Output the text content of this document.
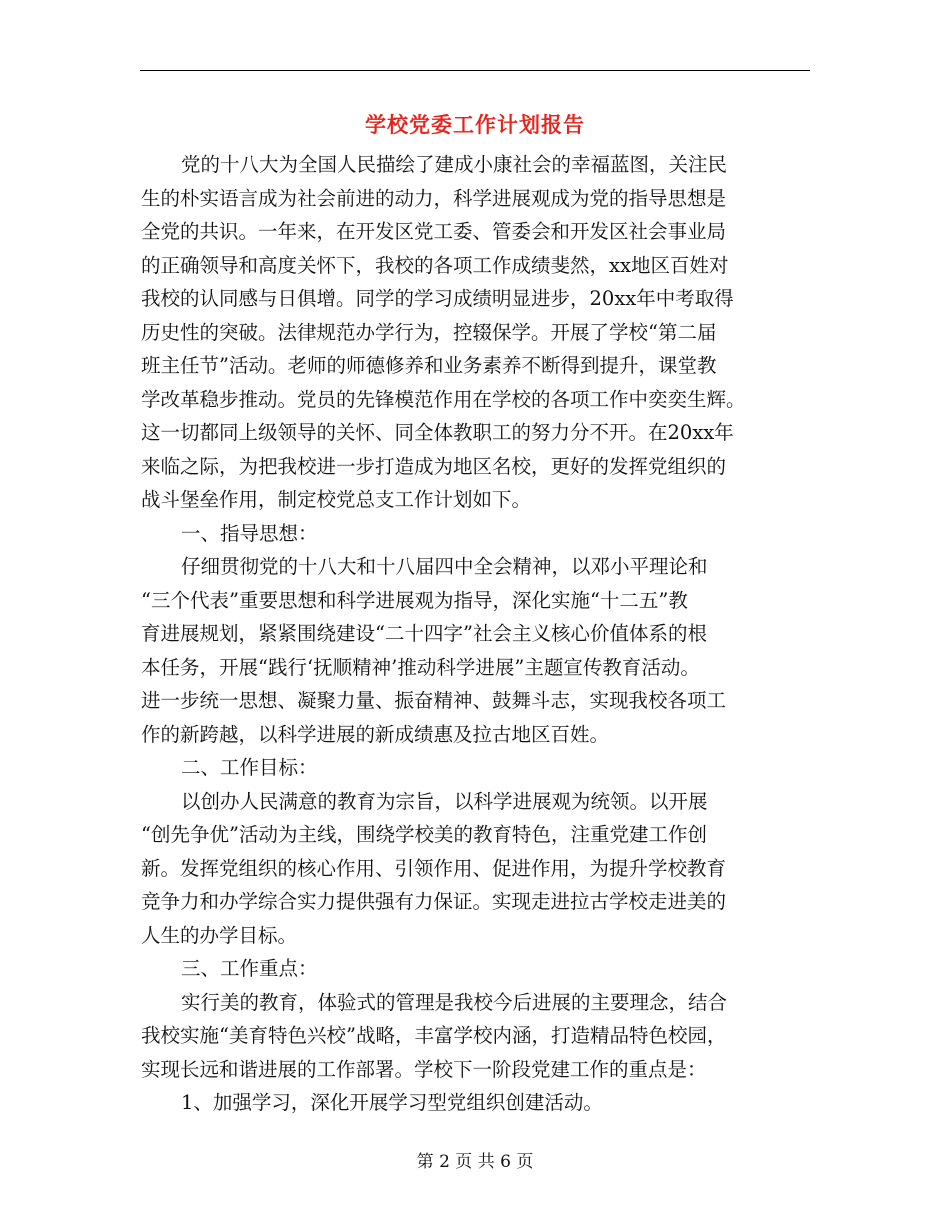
学校党委工作计划报告
党的十八大为全国人民描绘了建成小康社会的幸福蓝图，关注民
生的朴实语言成为社会前进的动力，科学进展观成为党的指导思想是
全党的共识。一年来，在开发区党工委、管委会和开发区社会事业局
的正确领导和高度关怀下，我校的各项工作成绩斐然，xx地区百姓对
我校的认同感与日俱增。同学的学习成绩明显进步，20xx年中考取得
历史性的突破。法律规范办学行为，控辍保学。开展了学校“第二届
班主任节”活动。老师的师德修养和业务素养不断得到提升，课堂教
学改革稳步推动。党员的先锋模范作用在学校的各项工作中奕奕生辉。
这一切都同上级领导的关怀、同全体教职工的努力分不开。在20xx年
来临之际，为把我校进一步打造成为地区名校，更好的发挥党组织的
战斗堡垒作用，制定校党总支工作计划如下。
一、指导思想：
仔细贯彻党的十八大和十八届四中全会精神，以邓小平理论和
“三个代表”重要思想和科学进展观为指导，深化实施“十二五”教
育进展规划，紧紧围绕建设“二十四字”社会主义核心价值体系的根
本任务，开展“践行‘抚顺精神’推动科学进展”主题宣传教育活动。
进一步统一思想、凝聚力量、振奋精神、鼓舞斗志，实现我校各项工
作的新跨越，以科学进展的新成绩惠及拉古地区百姓。
二、工作目标：
以创办人民满意的教育为宗旨，以科学进展观为统领。以开展
“创先争优”活动为主线，围绕学校美的教育特色，注重党建工作创
新。发挥党组织的核心作用、引领作用、促进作用，为提升学校教育
竞争力和办学综合实力提供强有力保证。实现走进拉古学校走进美的
人生的办学目标。
三、工作重点：
实行美的教育，体验式的管理是我校今后进展的主要理念，结合
我校实施“美育特色兴校”战略，丰富学校内涵，打造精品特色校园，
实现长远和谐进展的工作部署。学校下一阶段党建工作的重点是：
1、加强学习，深化开展学习型党组织创建活动。
第 2 页 共 6 页
